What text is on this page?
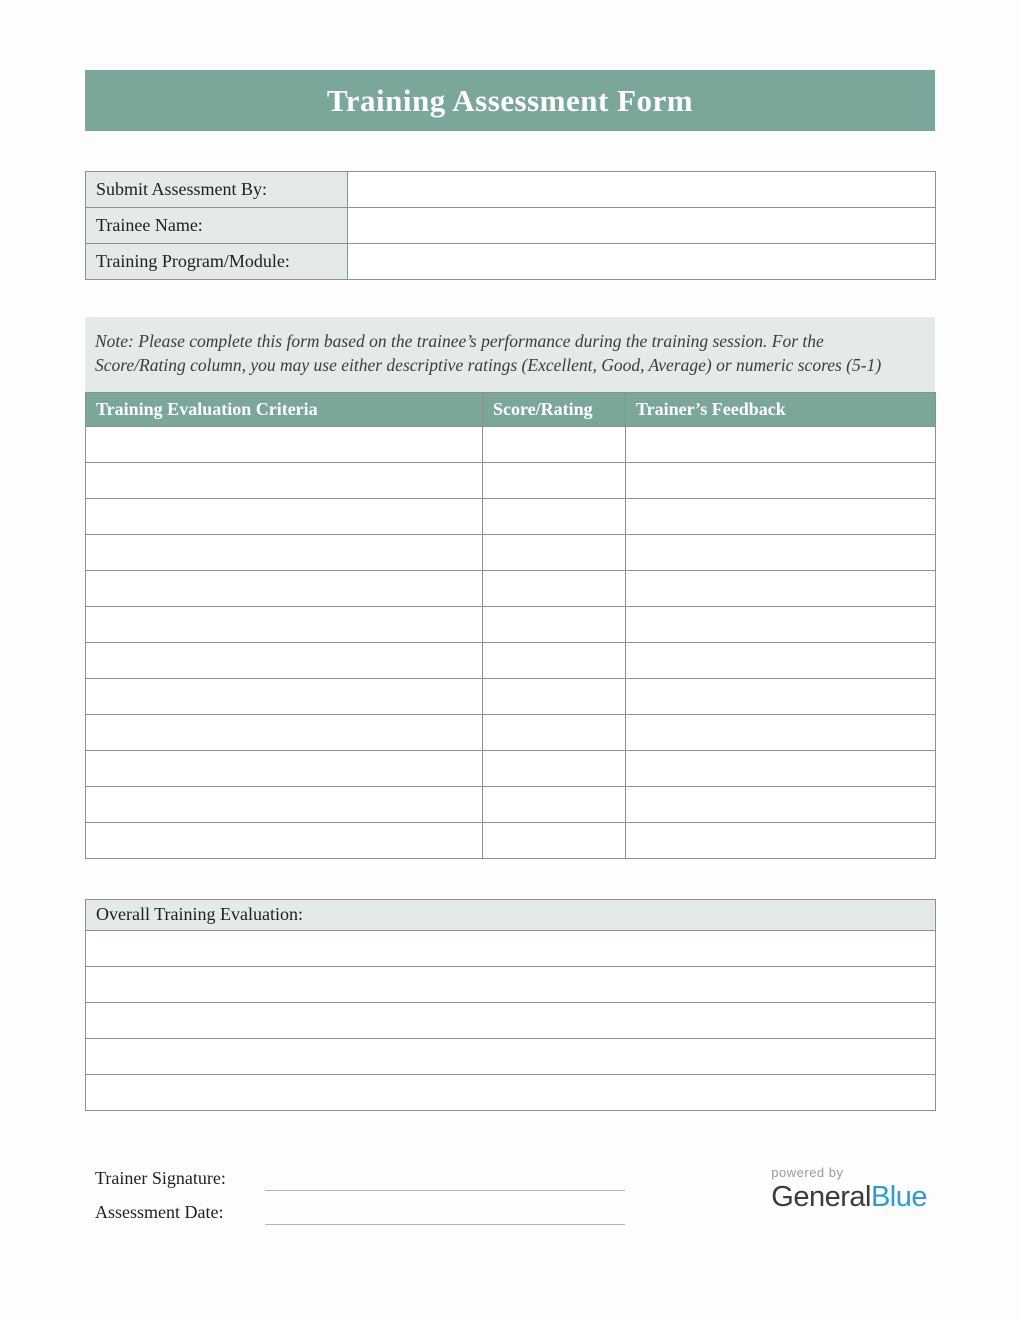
Training Assessment Form
Submit Assessment By:	
Trainee Name:	
Training Program/Module:	
Note: Please complete this form based on the trainee’s performance during the training session. For the Score/Rating column, you may use either descriptive ratings (Excellent, Good, Average) or numeric scores (5-1)
Training Evaluation Criteria	Score/Rating	Trainer’s Feedback

Overall Training Evaluation:

Trainer Signature:
Assessment Date:
powered by
GeneralBlue
